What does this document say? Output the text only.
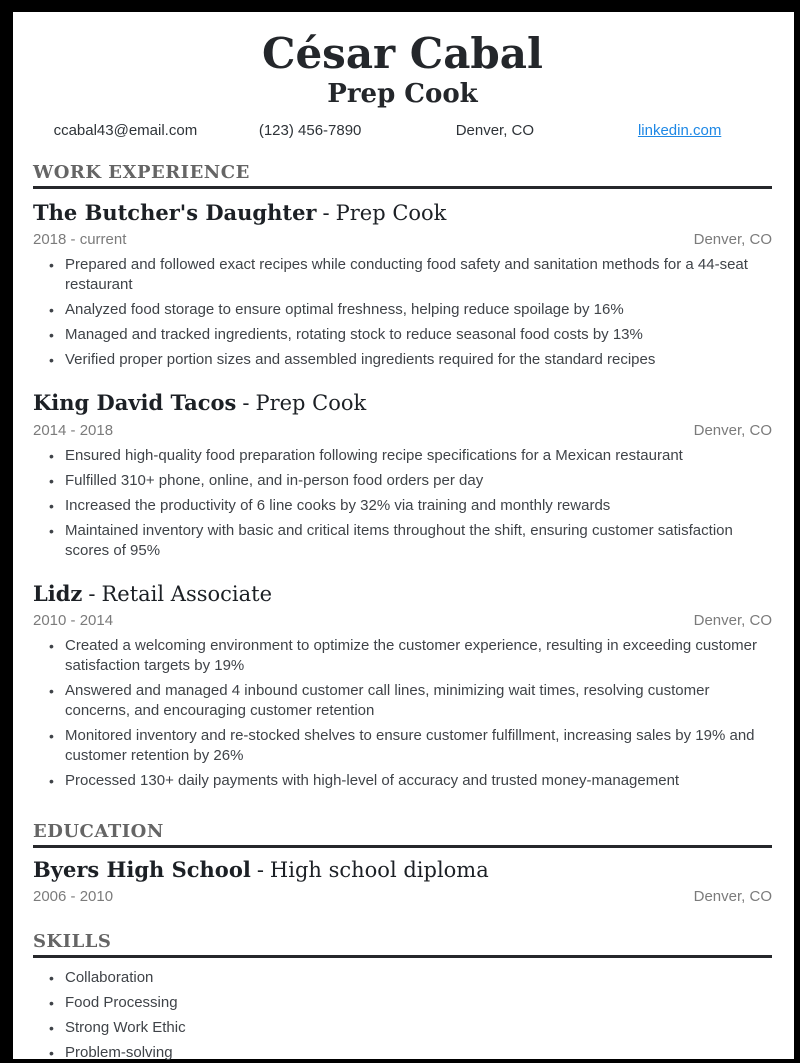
César Cabal
Prep Cook
ccabal43@email.com	(123) 456-7890	Denver, CO	linkedin.com
WORK EXPERIENCE
The Butcher's Daughter - Prep Cook
2018 - current	Denver, CO
• Prepared and followed exact recipes while conducting food safety and sanitation methods for a 44-seat restaurant
• Analyzed food storage to ensure optimal freshness, helping reduce spoilage by 16%
• Managed and tracked ingredients, rotating stock to reduce seasonal food costs by 13%
• Verified proper portion sizes and assembled ingredients required for the standard recipes
King David Tacos - Prep Cook
2014 - 2018	Denver, CO
• Ensured high-quality food preparation following recipe specifications for a Mexican restaurant
• Fulfilled 310+ phone, online, and in-person food orders per day
• Increased the productivity of 6 line cooks by 32% via training and monthly rewards
• Maintained inventory with basic and critical items throughout the shift, ensuring customer satisfaction scores of 95%
Lidz - Retail Associate
2010 - 2014	Denver, CO
• Created a welcoming environment to optimize the customer experience, resulting in exceeding customer satisfaction targets by 19%
• Answered and managed 4 inbound customer call lines, minimizing wait times, resolving customer concerns, and encouraging customer retention
• Monitored inventory and re-stocked shelves to ensure customer fulfillment, increasing sales by 19% and customer retention by 26%
• Processed 130+ daily payments with high-level of accuracy and trusted money-management
EDUCATION
Byers High School - High school diploma
2006 - 2010	Denver, CO
SKILLS
• Collaboration
• Food Processing
• Strong Work Ethic
• Problem-solving
